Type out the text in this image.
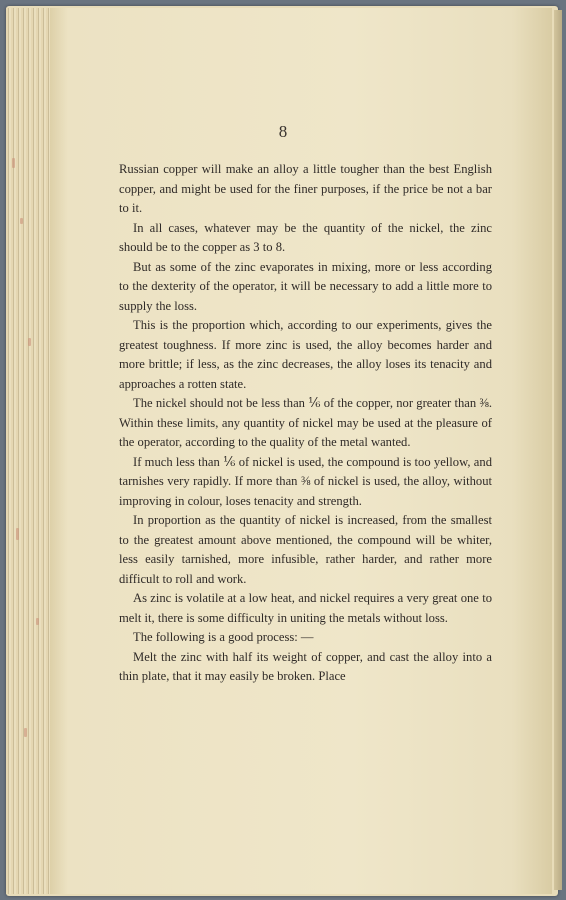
8

Russian copper will make an alloy a little tougher than the best English copper, and might be used for the finer purposes, if the price be not a bar to it.

In all cases, whatever may be the quantity of the nickel, the zinc should be to the copper as 3 to 8.

But as some of the zinc evaporates in mixing, more or less according to the dexterity of the operator, it will be necessary to add a little more to supply the loss.

This is the proportion which, according to our experiments, gives the greatest toughness. If more zinc is used, the alloy becomes harder and more brittle; if less, as the zinc decreases, the alloy loses its tenacity and approaches a rotten state.

The nickel should not be less than ⅙ of the copper, nor greater than ⅜. Within these limits, any quantity of nickel may be used at the pleasure of the operator, according to the quality of the metal wanted.

If much less than ⅙ of nickel is used, the compound is too yellow, and tarnishes very rapidly. If more than ⅜ of nickel is used, the alloy, without improving in colour, loses tenacity and strength.

In proportion as the quantity of nickel is increased, from the smallest to the greatest amount above mentioned, the compound will be whiter, less easily tarnished, more infusible, rather harder, and rather more difficult to roll and work.

As zinc is volatile at a low heat, and nickel requires a very great one to melt it, there is some difficulty in uniting the metals without loss.

The following is a good process: —

Melt the zinc with half its weight of copper, and cast the alloy into a thin plate, that it may easily be broken. Place
